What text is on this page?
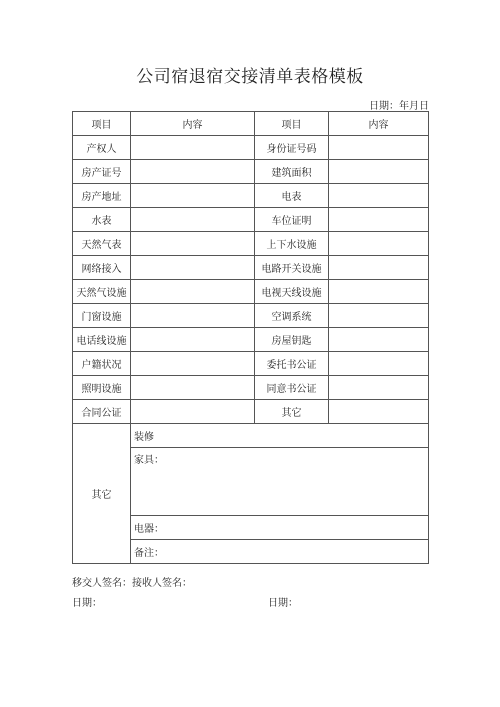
公司宿退宿交接清单表格模板
日期：年月日
项目	内容	项目	内容
产权人		身份证号码	
房产证号		建筑面积	
房产地址		电表	
水表		车位证明	
天然气表		上下水设施	
网络接入		电路开关设施	
天然气设施		电视天线设施	
门窗设施		空调系统	
电话线设施		房屋钥匙	
户籍状况		委托书公证	
照明设施		同意书公证	
合同公证		其它	
其它	装修		
	家具：		
	电器：		
	备注：		
移交人签名：接收人签名：
日期：	日期：
